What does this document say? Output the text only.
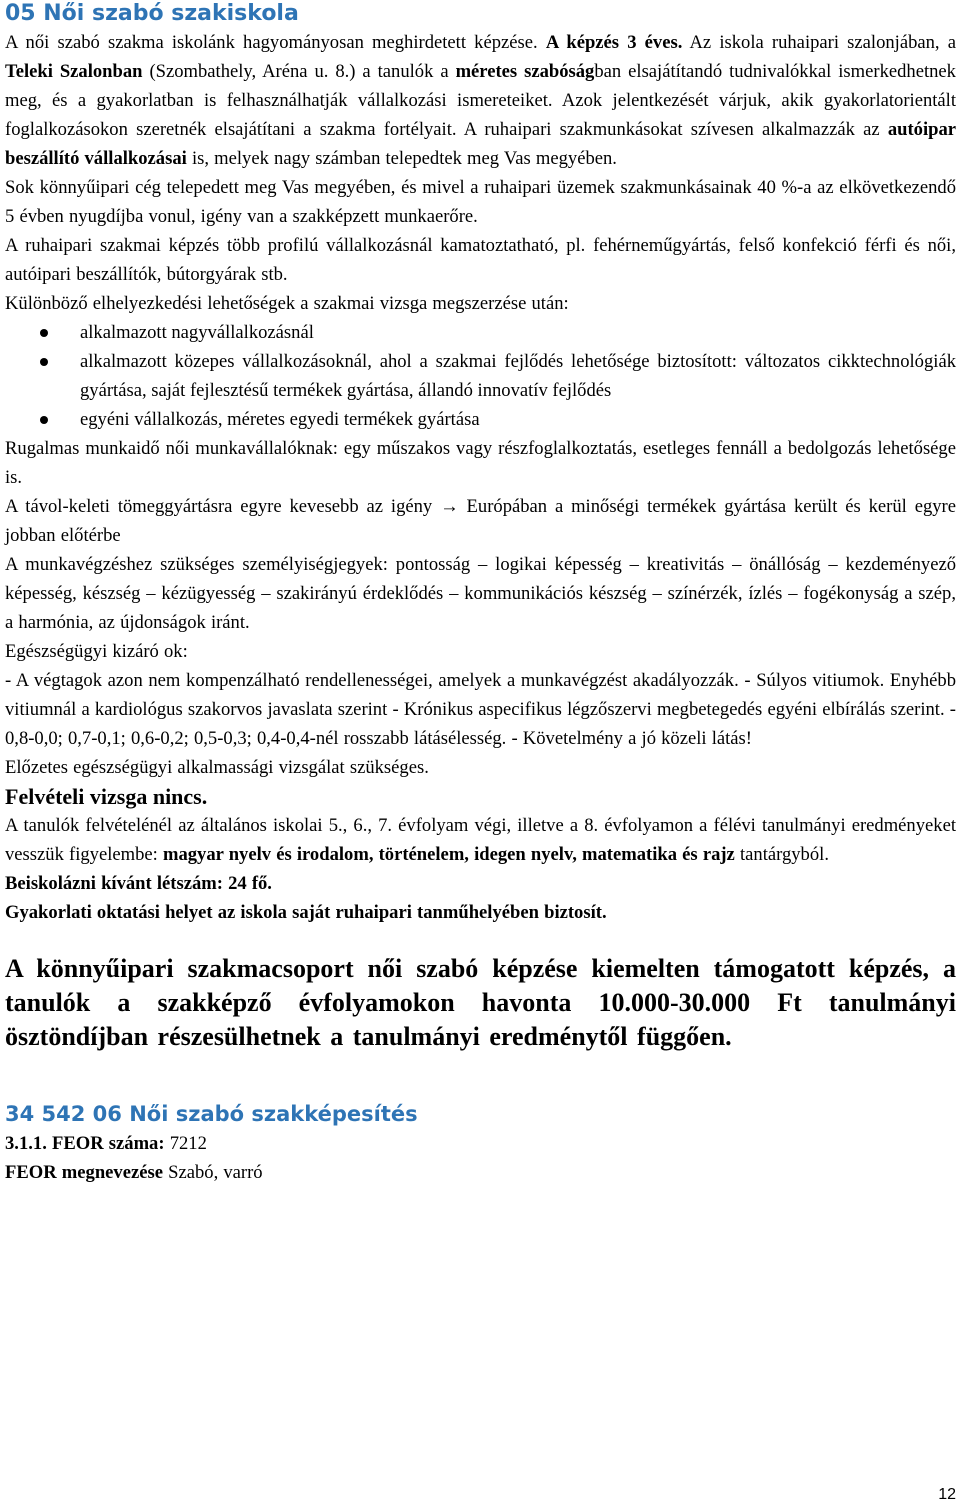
05 Női szabó szakiskola

A női szabó szakma iskolánk hagyományosan meghirdetett képzése. A képzés 3 éves. Az iskola ruhaipari szalonjában, a Teleki Szalonban (Szombathely, Aréna u. 8.) a tanulók a méretes szabóságban elsajátítandó tudnivalókkal ismerkedhetnek meg, és a gyakorlatban is felhasználhatják vállalkozási ismereteiket. Azok jelentkezését várjuk, akik gyakorlatorientált foglalkozásokon szeretnék elsajátítani a szakma fortélyait. A ruhaipari szakmunkásokat szívesen alkalmazzák az autóipar beszállító vállalkozásai is, melyek nagy számban telepedtek meg Vas megyében.

Sok könnyűipari cég telepedett meg Vas megyében, és mivel a ruhaipari üzemek szakmunkásainak 40 %-a az elkövetkezendő 5 évben nyugdíjba vonul, igény van a szakképzett munkaerőre.

A ruhaipari szakmai képzés több profilú vállalkozásnál kamatoztatható, pl. fehérneműgyártás, felső konfekció férfi és női, autóipari beszállítók, bútorgyárak stb.

Különböző elhelyezkedési lehetőségek a szakmai vizsga megszerzése után:

alkalmazott nagyvállalkozásnál
alkalmazott közepes vállalkozásoknál, ahol a szakmai fejlődés lehetősége biztosított: változatos cikktechnológiák gyártása, saját fejlesztésű termékek gyártása, állandó innovatív fejlődés
egyéni vállalkozás, méretes egyedi termékek gyártása

Rugalmas munkaidő női munkavállalóknak: egy műszakos vagy részfoglalkoztatás, esetleges fennáll a bedolgozás lehetősége is.

A távol-keleti tömeggyártásra egyre kevesebb az igény → Európában a minőségi termékek gyártása került és kerül egyre jobban előtérbe

A munkavégzéshez szükséges személyiségjegyek: pontosság – logikai képesség – kreativitás – önállóság – kezdeményező képesség, készség – kézügyesség – szakirányú érdeklődés – kommunikációs készség – színérzék, ízlés – fogékonyság a szép, a harmónia, az újdonságok iránt.

Egészségügyi kizáró ok:

- A végtagok azon nem kompenzálható rendellenességei, amelyek a munkavégzést akadályozzák. - Súlyos vitiumok. Enyhébb vitiumnál a kardiológus szakorvos javaslata szerint - Krónikus aspecifikus légzőszervi megbetegedés egyéni elbírálás szerint. - 0,8-0,0; 0,7-0,1; 0,6-0,2; 0,5-0,3; 0,4-0,4-nél rosszabb látásélesség. - Követelmény a jó közeli látás!

Előzetes egészségügyi alkalmassági vizsgálat szükséges.

Felvételi vizsga nincs.

A tanulók felvételénél az általános iskolai 5., 6., 7. évfolyam végi, illetve a 8. évfolyamon a félévi tanulmányi eredményeket vesszük figyelembe: magyar nyelv és irodalom, történelem, idegen nyelv, matematika és rajz tantárgyból.

Beiskolázni kívánt létszám: 24 fő.

Gyakorlati oktatási helyet az iskola saját ruhaipari tanműhelyében biztosít.

A könnyűipari szakmacsoport női szabó képzése kiemelten támogatott képzés, a tanulók a szakképző évfolyamokon havonta 10.000-30.000 Ft tanulmányi ösztöndíjban részesülhetnek a tanulmányi eredménytől függően.

34 542 06 Női szabó szakképesítés

3.1.1. FEOR száma: 7212

FEOR megnevezése Szabó, varró

12
